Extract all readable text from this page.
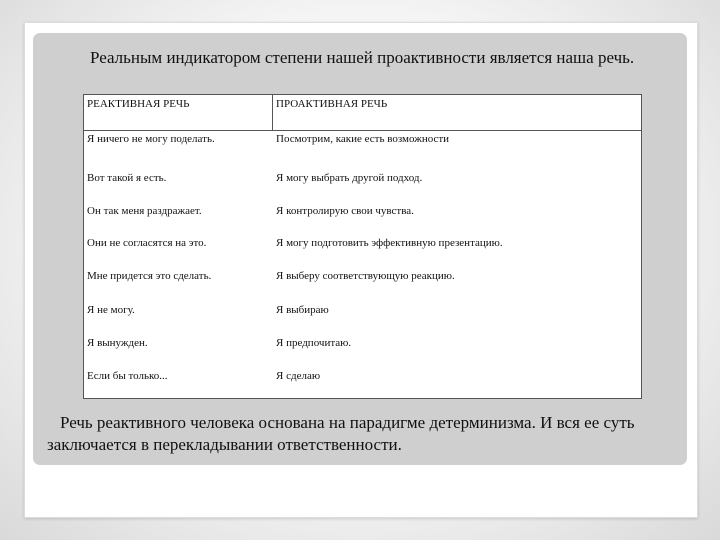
Реальным индикатором степени нашей проактивности является наша речь.

РЕАКТИВНАЯ РЕЧЬ	ПРОАКТИВНАЯ РЕЧЬ
Я ничего не могу поделать.	Посмотрим, какие есть возможности
Вот такой я есть.	Я могу выбрать другой подход.
Он так меня раздражает.	Я контролирую свои чувства.
Они не согласятся на это.	Я могу подготовить эффективную презентацию.
Мне придется это сделать.	Я выберу соответствующую реакцию.
Я не могу.	Я выбираю
Я вынужден.	Я предпочитаю.
Если бы только...	Я сделаю

Речь реактивного человека основана на парадигме детерминизма. И вся ее суть заключается в перекладывании ответственности.
